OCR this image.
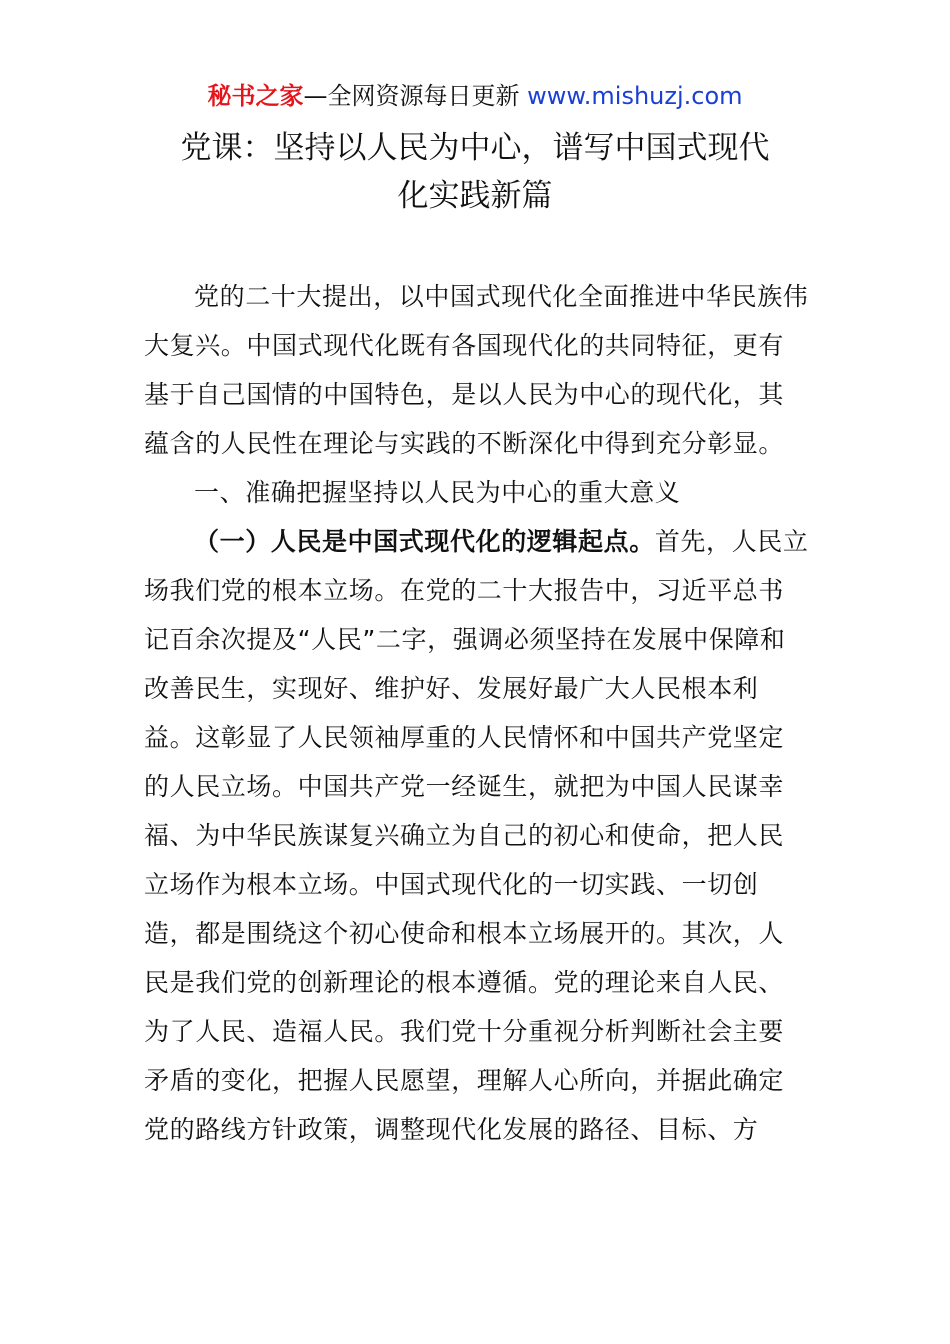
秘书之家—全网资源每日更新 www.mishuzj.com
党课：坚持以人民为中心，谱写中国式现代
化实践新篇

党的二十大提出，以中国式现代化全面推进中华民族伟大复兴。中国式现代化既有各国现代化的共同特征，更有基于自己国情的中国特色，是以人民为中心的现代化，其蕴含的人民性在理论与实践的不断深化中得到充分彰显。

一、准确把握坚持以人民为中心的重大意义

（一）人民是中国式现代化的逻辑起点。首先，人民立场我们党的根本立场。在党的二十大报告中，习近平总书记百余次提及“人民”二字，强调必须坚持在发展中保障和改善民生，实现好、维护好、发展好最广大人民根本利益。这彰显了人民领袖厚重的人民情怀和中国共产党坚定的人民立场。中国共产党一经诞生，就把为中国人民谋幸福、为中华民族谋复兴确立为自己的初心和使命，把人民立场作为根本立场。中国式现代化的一切实践、一切创造，都是围绕这个初心使命和根本立场展开的。其次，人民是我们党的创新理论的根本遵循。党的理论来自人民、为了人民、造福人民。我们党十分重视分析判断社会主要矛盾的变化，把握人民愿望，理解人心所向，并据此确定党的路线方针政策，调整现代化发展的路径、目标、方
